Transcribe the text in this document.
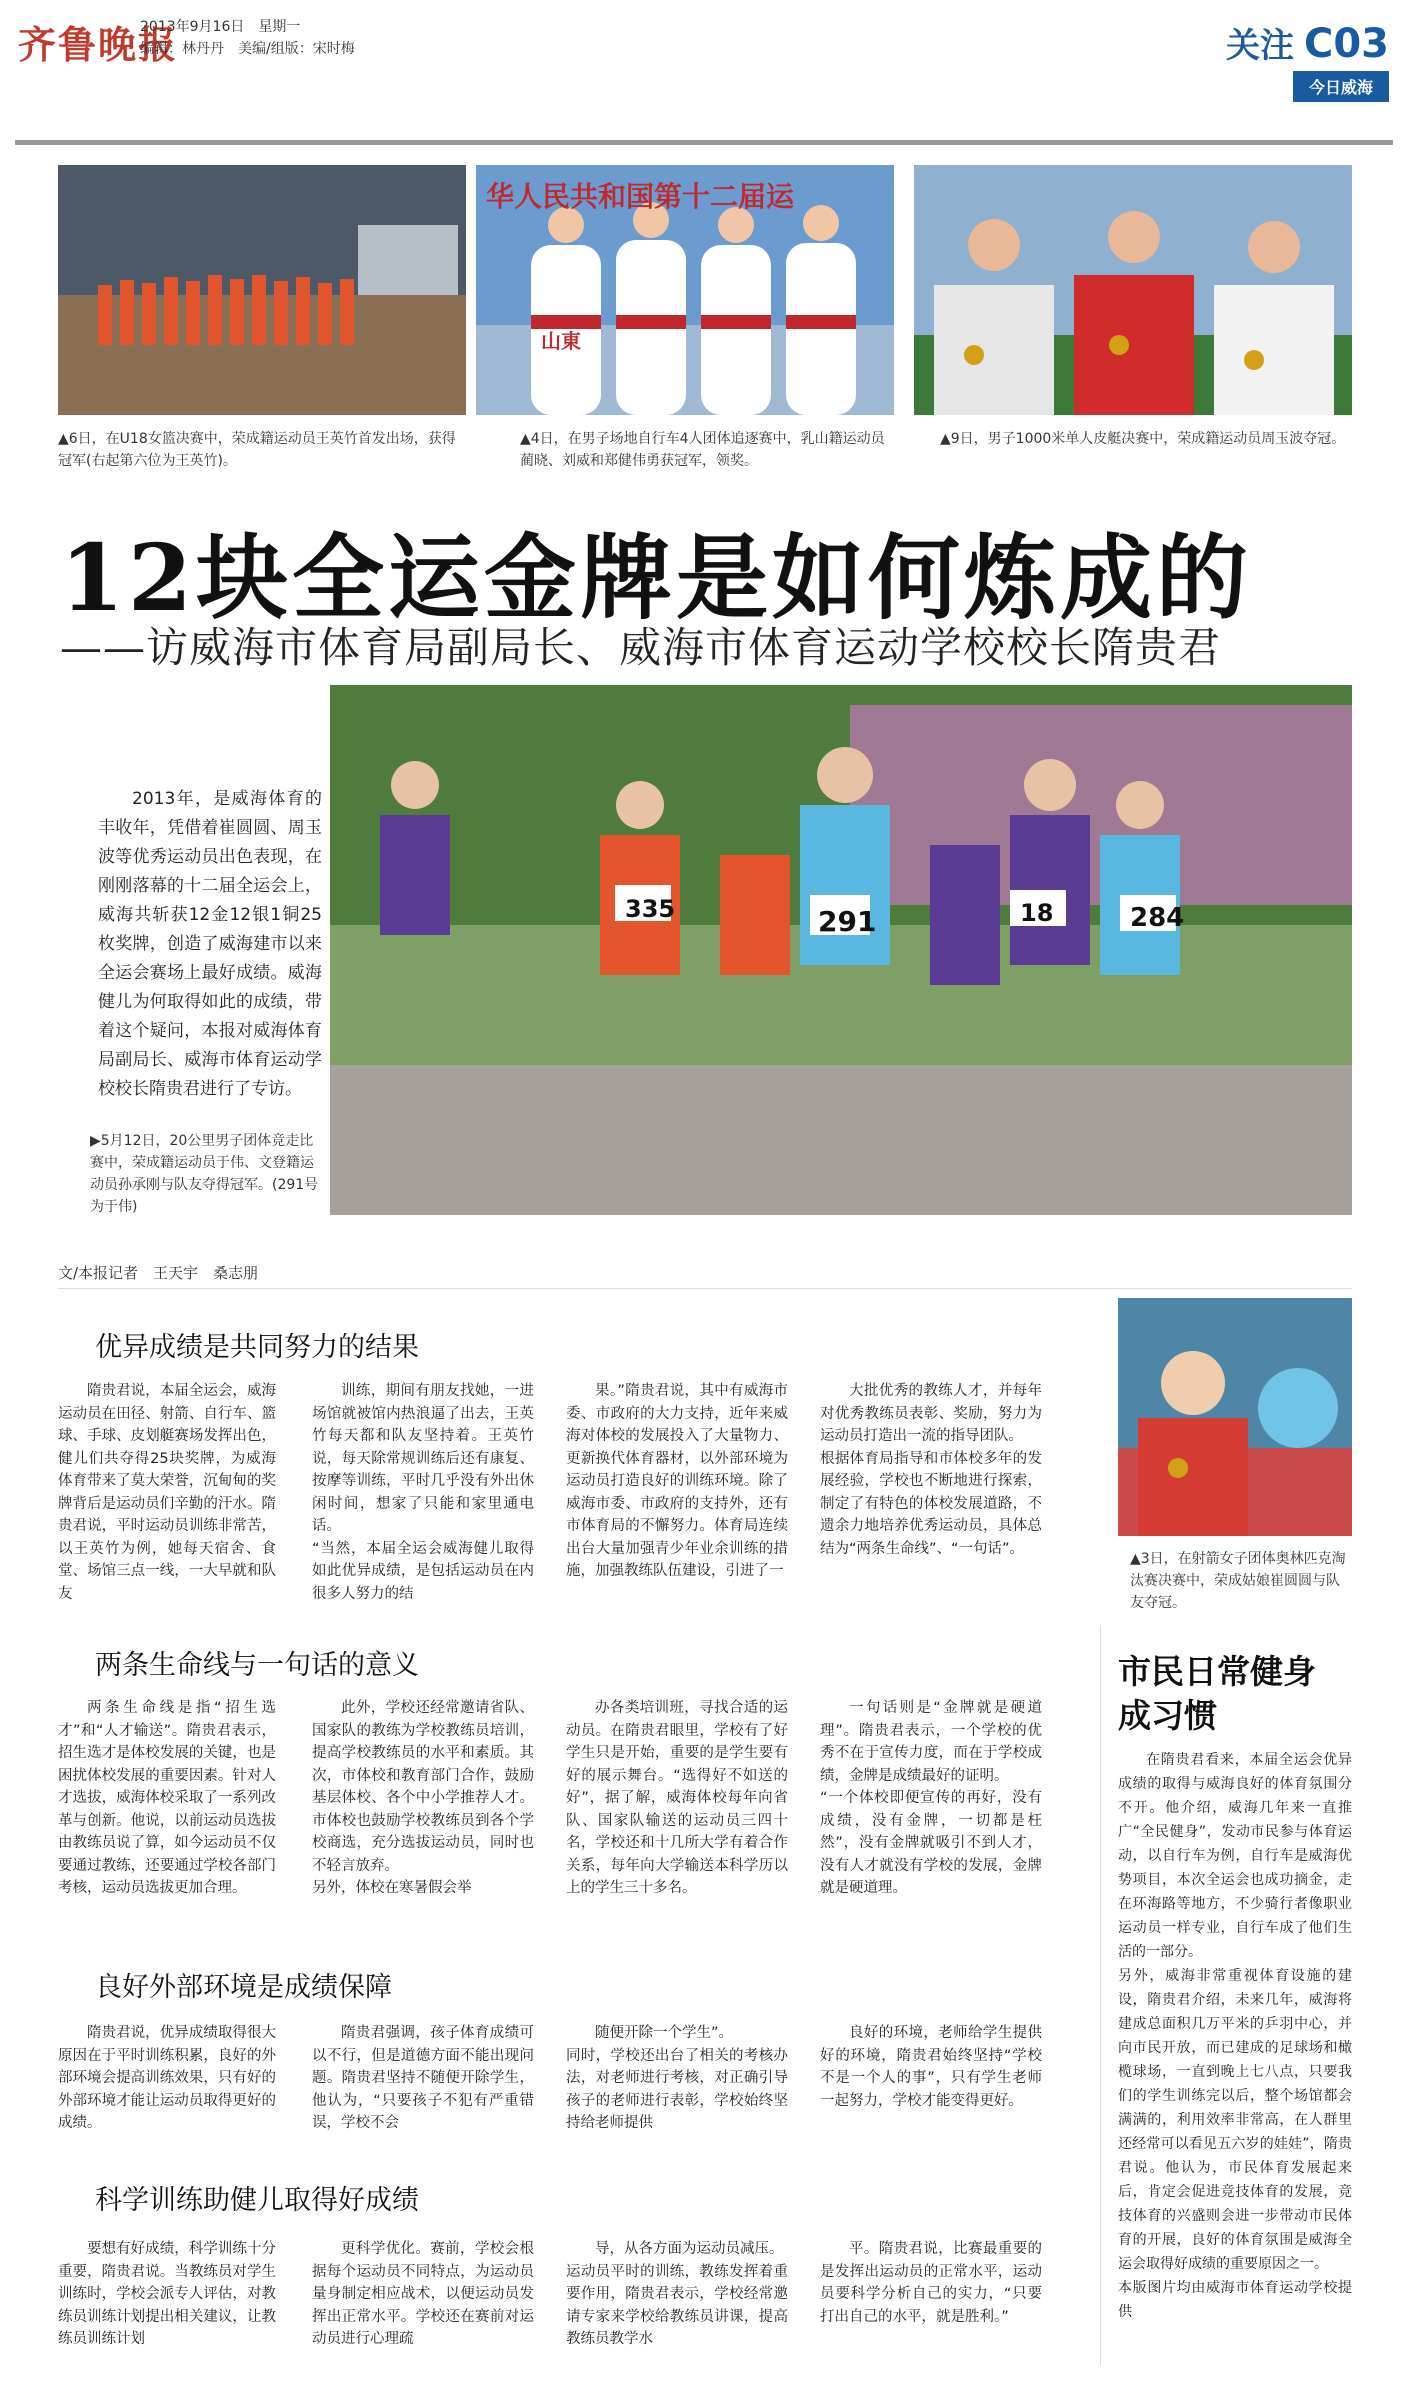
齐鲁晚报
2013年9月16日　星期一
编辑：林丹丹　美编/组版：宋时梅	关注 C03
今日威海
▲6日，在U18女篮决赛中，荣成籍运动员王英竹首发出场，获得冠军(右起第六位为王英竹)。
华人民共和国第十二届运
山東
▲4日，在男子场地自行车4人团体追逐赛中，乳山籍运动员蔺晓、刘威和郑健伟勇获冠军，领奖。
▲9日，男子1000米单人皮艇决赛中，荣成籍运动员周玉波夺冠。
12块全运金牌是如何炼成的
——访威海市体育局副局长、威海市体育运动学校校长隋贵君
2013年，是威海体育的丰收年，凭借着崔圆圆、周玉波等优秀运动员出色表现，在刚刚落幕的十二届全运会上，威海共斩获12金12银1铜25枚奖牌，创造了威海建市以来全运会赛场上最好成绩。威海健儿为何取得如此的成绩，带着这个疑问，本报对威海体育局副局长、威海市体育运动学校校长隋贵君进行了专访。
335	291	18	284
▶5月12日，20公里男子团体竞走比赛中，荣成籍运动员于伟、文登籍运动员孙承刚与队友夺得冠军。(291号为于伟)
文/本报记者　王天宇　桑志朋
优异成绩是共同努力的结果

隋贵君说，本届全运会，威海运动员在田径、射箭、自行车、篮球、手球、皮划艇赛场发挥出色，健儿们共夺得25块奖牌，为威海体育带来了莫大荣誉，沉甸甸的奖牌背后是运动员们辛勤的汗水。隋贵君说，平时运动员训练非常苦，以王英竹为例，她每天宿舍、食堂、场馆三点一线，一大早就和队友

训练，期间有朋友找她，一进场馆就被馆内热浪逼了出去，王英竹每天都和队友坚持着。王英竹说，每天除常规训练后还有康复、按摩等训练，平时几乎没有外出休闲时间，想家了只能和家里通电话。
“当然，本届全运会威海健儿取得如此优异成绩，是包括运动员在内很多人努力的结

果。”隋贵君说，其中有威海市委、市政府的大力支持，近年来威海对体校的发展投入了大量物力、更新换代体育器材，以外部环境为运动员打造良好的训练环境。除了威海市委、市政府的支持外，还有市体育局的不懈努力。体育局连续出台大量加强青少年业余训练的措施，加强教练队伍建设，引进了一

大批优秀的教练人才，并每年对优秀教练员表彰、奖励，努力为运动员打造出一流的指导团队。
根据体育局指导和市体校多年的发展经验，学校也不断地进行探索，制定了有特色的体校发展道路，不遗余力地培养优秀运动员，具体总结为“两条生命线”、“一句话”。

▲3日，在射箭女子团体奥林匹克淘汰赛决赛中，荣成姑娘崔圆圆与队友夺冠。
两条生命线与一句话的意义

两条生命线是指“招生选才”和“人才输送”。隋贵君表示，招生选才是体校发展的关键，也是困扰体校发展的重要因素。针对人才选拔，威海体校采取了一系列改革与创新。他说，以前运动员选拔由教练员说了算，如今运动员不仅要通过教练，还要通过学校各部门考核，运动员选拔更加合理。

此外，学校还经常邀请省队、国家队的教练为学校教练员培训，提高学校教练员的水平和素质。其次，市体校和教育部门合作，鼓励基层体校、各个中小学推荐人才。市体校也鼓励学校教练员到各个学校商选，充分选拔运动员，同时也不轻言放弃。
另外，体校在寒暑假会举

办各类培训班，寻找合适的运动员。在隋贵君眼里，学校有了好学生只是开始，重要的是学生要有好的展示舞台。“选得好不如送的好”，据了解，威海体校每年向省队、国家队输送的运动员三四十名，学校还和十几所大学有着合作关系，每年向大学输送本科学历以上的学生三十多名。

一句话则是“金牌就是硬道理”。隋贵君表示，一个学校的优秀不在于宣传力度，而在于学校成绩，金牌是成绩最好的证明。
“一个体校即便宣传的再好，没有成绩，没有金牌，一切都是枉然”，没有金牌就吸引不到人才，没有人才就没有学校的发展，金牌就是硬道理。

良好外部环境是成绩保障

隋贵君说，优异成绩取得很大原因在于平时训练积累，良好的外部环境会提高训练效果，只有好的外部环境才能让运动员取得更好的成绩。

隋贵君强调，孩子体育成绩可以不行，但是道德方面不能出现问题。隋贵君坚持不随便开除学生，他认为，“只要孩子不犯有严重错误，学校不会

随便开除一个学生”。
同时，学校还出台了相关的考核办法，对老师进行考核，对正确引导孩子的老师进行表彰，学校始终坚持给老师提供

良好的环境，老师给学生提供好的环境，隋贵君始终坚持“学校不是一个人的事”，只有学生老师一起努力，学校才能变得更好。

科学训练助健儿取得好成绩

要想有好成绩，科学训练十分重要，隋贵君说。当教练员对学生训练时，学校会派专人评估，对教练员训练计划提出相关建议，让教练员训练计划

更科学优化。赛前，学校会根据每个运动员不同特点，为运动员量身制定相应战术，以便运动员发挥出正常水平。学校还在赛前对运动员进行心理疏

导，从各方面为运动员减压。
运动员平时的训练，教练发挥着重要作用，隋贵君表示，学校经常邀请专家来学校给教练员讲课，提高教练员教学水

平。隋贵君说，比赛最重要的是发挥出运动员的正常水平，运动员要科学分析自己的实力，“只要打出自己的水平，就是胜利。”

市民日常健身成习惯

在隋贵君看来，本届全运会优异成绩的取得与威海良好的体育氛围分不开。他介绍，威海几年来一直推广“全民健身”，发动市民参与体育运动，以自行车为例，自行车是威海优势项目，本次全运会也成功摘金，走在环海路等地方，不少骑行者像职业运动员一样专业，自行车成了他们生活的一部分。
另外，威海非常重视体育设施的建设，隋贵君介绍，未来几年，威海将建成总面积几万平米的乒羽中心，并向市民开放，而已建成的足球场和橄榄球场，一直到晚上七八点，只要我们的学生训练完以后，整个场馆都会满满的，利用效率非常高，在人群里还经常可以看见五六岁的娃娃”，隋贵君说。他认为，市民体育发展起来后，肯定会促进竞技体育的发展，竞技体育的兴盛则会进一步带动市民体育的开展，良好的体育氛围是威海全运会取得好成绩的重要原因之一。
本版图片均由威海市体育运动学校提供
